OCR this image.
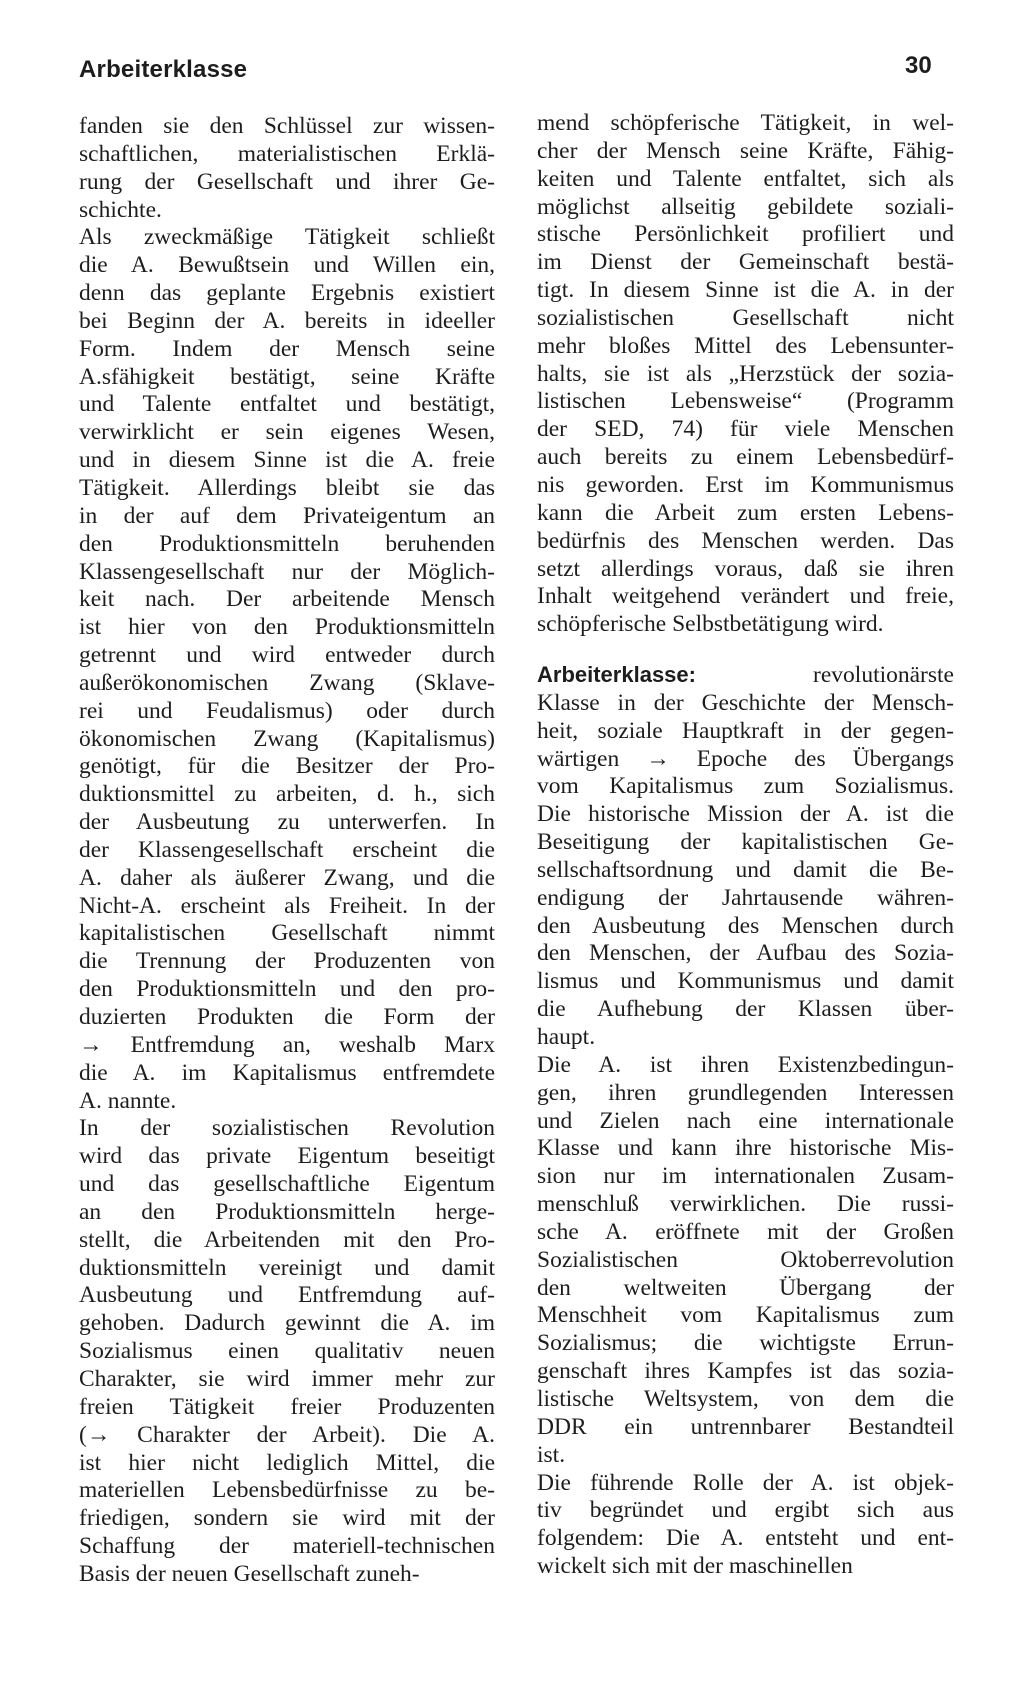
Arbeiterklasse	30
fanden sie den Schlüssel zur wissen-
schaftlichen, materialistischen Erklä-
rung der Gesellschaft und ihrer Ge-
schichte.
Als zweckmäßige Tätigkeit schließt
die A. Bewußtsein und Willen ein,
denn das geplante Ergebnis existiert
bei Beginn der A. bereits in ideeller
Form. Indem der Mensch seine
A.sfähigkeit bestätigt, seine Kräfte
und Talente entfaltet und bestätigt,
verwirklicht er sein eigenes Wesen,
und in diesem Sinne ist die A. freie
Tätigkeit. Allerdings bleibt sie das
in der auf dem Privateigentum an
den Produktionsmitteln beruhenden
Klassengesellschaft nur der Möglich-
keit nach. Der arbeitende Mensch
ist hier von den Produktionsmitteln
getrennt und wird entweder durch
außerökonomischen Zwang (Sklave-
rei und Feudalismus) oder durch
ökonomischen Zwang (Kapitalismus)
genötigt, für die Besitzer der Pro-
duktionsmittel zu arbeiten, d. h., sich
der Ausbeutung zu unterwerfen. In
der Klassengesellschaft erscheint die
A. daher als äußerer Zwang, und die
Nicht-A. erscheint als Freiheit. In der
kapitalistischen Gesellschaft nimmt
die Trennung der Produzenten von
den Produktionsmitteln und den pro-
duzierten Produkten die Form der
→ Entfremdung an, weshalb Marx
die A. im Kapitalismus entfremdete
A. nannte.
In der sozialistischen Revolution
wird das private Eigentum beseitigt
und das gesellschaftliche Eigentum
an den Produktionsmitteln herge-
stellt, die Arbeitenden mit den Pro-
duktionsmitteln vereinigt und damit
Ausbeutung und Entfremdung auf-
gehoben. Dadurch gewinnt die A. im
Sozialismus einen qualitativ neuen
Charakter, sie wird immer mehr zur
freien Tätigkeit freier Produzenten
(→ Charakter der Arbeit). Die A.
ist hier nicht lediglich Mittel, die
materiellen Lebensbedürfnisse zu be-
friedigen, sondern sie wird mit der
Schaffung der materiell-technischen
Basis der neuen Gesellschaft zuneh-
mend schöpferische Tätigkeit, in wel-
cher der Mensch seine Kräfte, Fähig-
keiten und Talente entfaltet, sich als
möglichst allseitig gebildete soziali-
stische Persönlichkeit profiliert und
im Dienst der Gemeinschaft bestä-
tigt. In diesem Sinne ist die A. in der
sozialistischen Gesellschaft nicht
mehr bloßes Mittel des Lebensunter-
halts, sie ist als „Herzstück der sozia-
listischen Lebensweise“ (Programm
der SED, 74) für viele Menschen
auch bereits zu einem Lebensbedürf-
nis geworden. Erst im Kommunismus
kann die Arbeit zum ersten Lebens-
bedürfnis des Menschen werden. Das
setzt allerdings voraus, daß sie ihren
Inhalt weitgehend verändert und freie,
schöpferische Selbstbetätigung wird.
Arbeiterklasse:	revolutionärste
Klasse in der Geschichte der Mensch-
heit, soziale Hauptkraft in der gegen-
wärtigen → Epoche des Übergangs
vom Kapitalismus zum Sozialismus.
Die historische Mission der A. ist die
Beseitigung der kapitalistischen Ge-
sellschaftsordnung und damit die Be-
endigung der Jahrtausende währen-
den Ausbeutung des Menschen durch
den Menschen, der Aufbau des Sozia-
lismus und Kommunismus und damit
die Aufhebung der Klassen über-
haupt.
Die A. ist ihren Existenzbedingun-
gen, ihren grundlegenden Interessen
und Zielen nach eine internationale
Klasse und kann ihre historische Mis-
sion nur im internationalen Zusam-
menschluß verwirklichen. Die russi-
sche A. eröffnete mit der Großen
Sozialistischen Oktoberrevolution
den weltweiten Übergang der
Menschheit vom Kapitalismus zum
Sozialismus; die wichtigste Errun-
genschaft ihres Kampfes ist das sozia-
listische Weltsystem, von dem die
DDR ein untrennbarer Bestandteil
ist.
Die führende Rolle der A. ist objek-
tiv begründet und ergibt sich aus
folgendem: Die A. entsteht und ent-
wickelt sich mit der maschinellen
